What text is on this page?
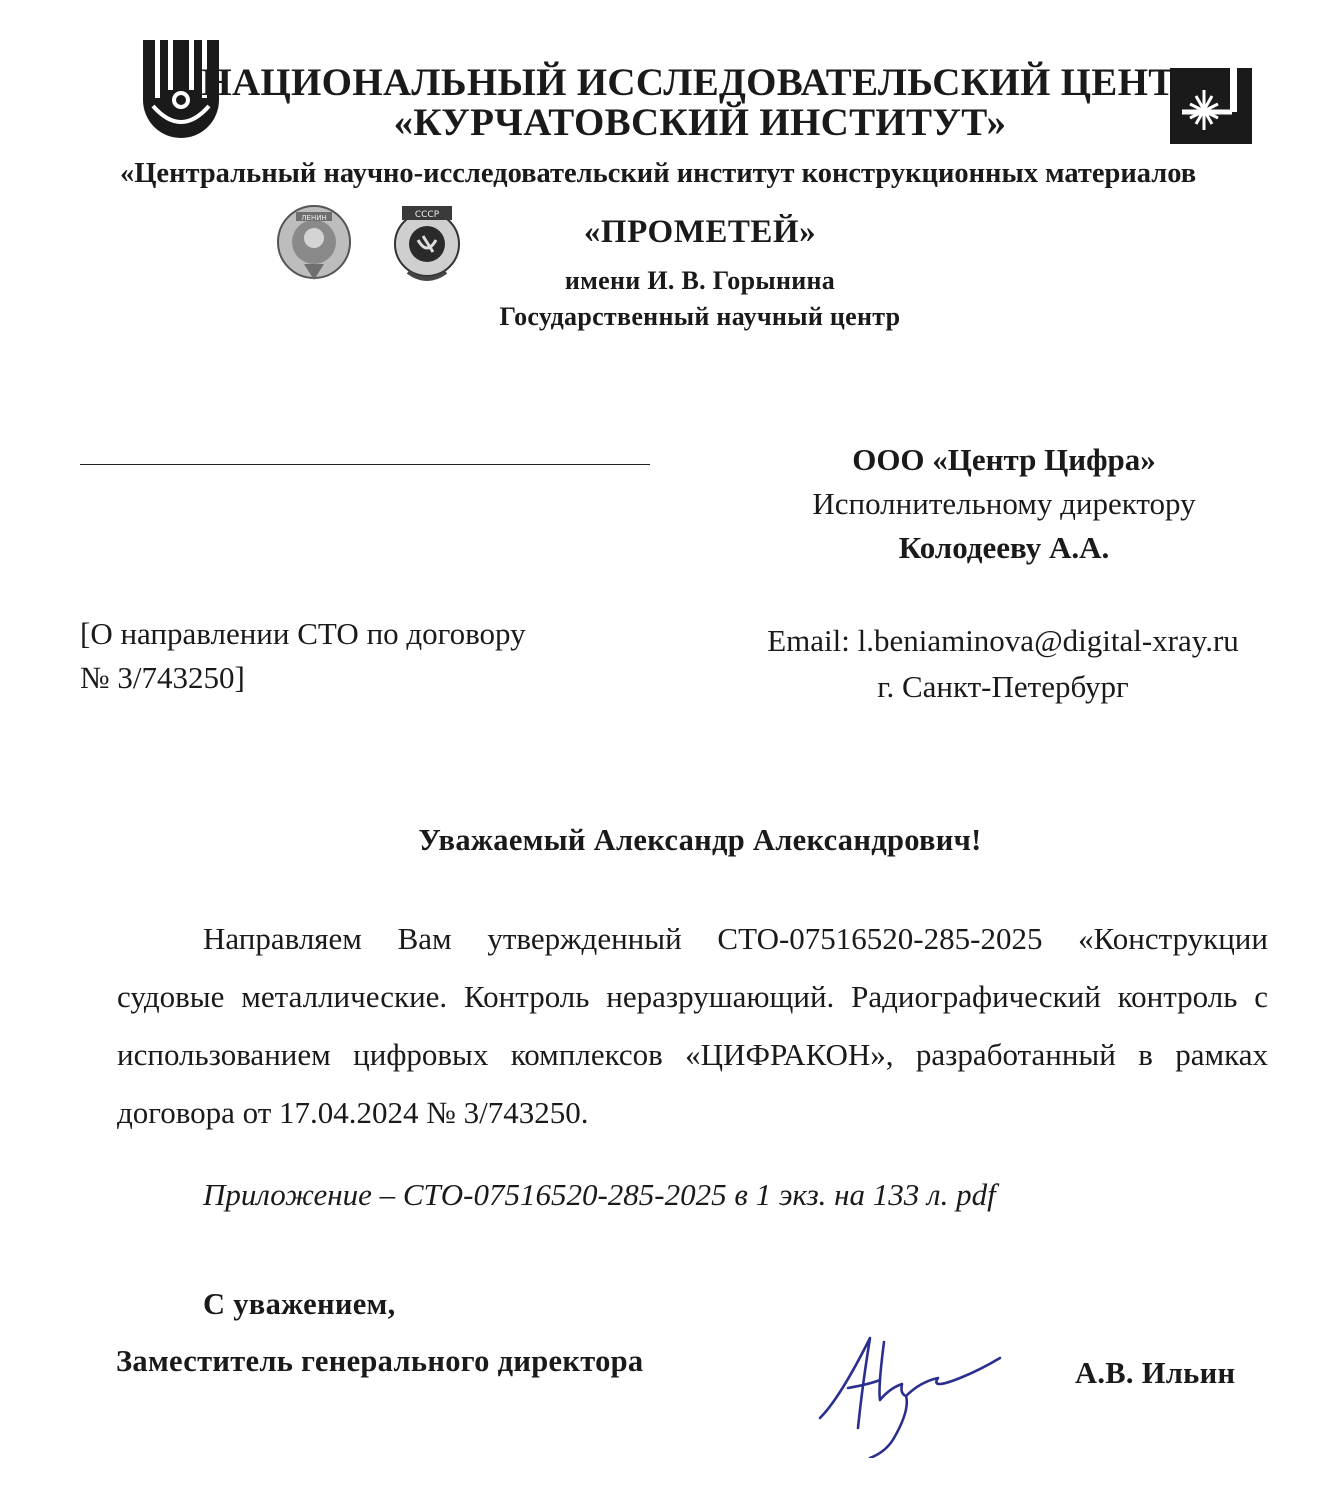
НАЦИОНАЛЬНЫЙ ИССЛЕДОВАТЕЛЬСКИЙ ЦЕНТР
«КУРЧАТОВСКИЙ ИНСТИТУТ»
«Центральный научно-исследовательский институт конструкционных материалов
ЛЕНИН	СССР	«ПРОМЕТЕЙ»
имени И. В. Горынина
Государственный научный центр
ООО «Центр Цифра»
Исполнительному директору
Колодееву А.А.
[О направлении СТО по договору
№ 3/743250]
Email: l.beniaminova@digital-xray.ru
г. Санкт-Петербург
Уважаемый Александр Александрович!
Направляем Вам утвержденный СТО-07516520-285-2025 «Конструкции судовые металлические. Контроль неразрушающий. Радиографический контроль с использованием цифровых комплексов «ЦИФРАКОН», разработанный в рамках договора от 17.04.2024 № 3/743250.
Приложение – СТО-07516520-285-2025 в 1 экз. на 133 л. pdf
С уважением,
Заместитель генерального директора	А.В. Ильин
